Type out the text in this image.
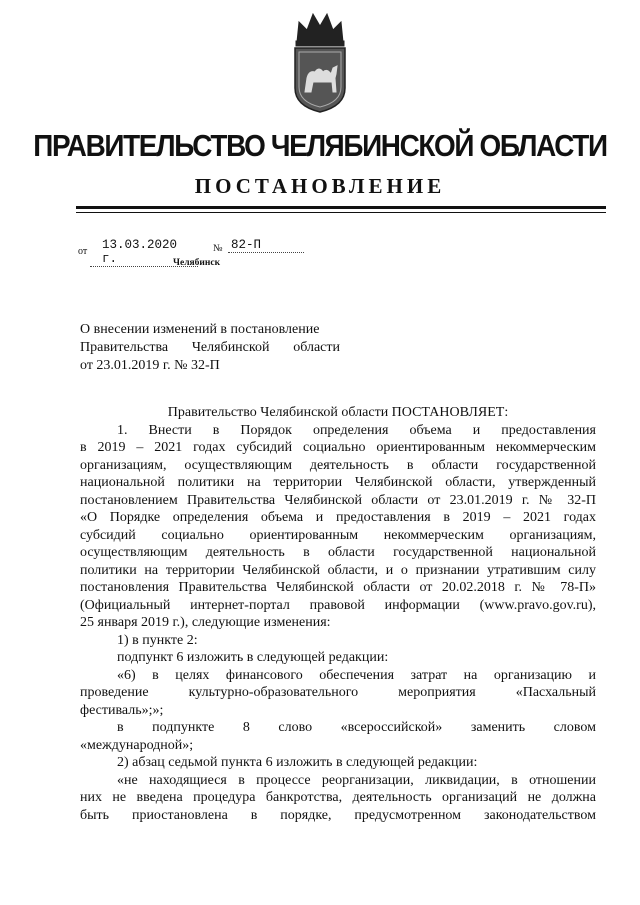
ПРАВИТЕЛЬСТВО ЧЕЛЯБИНСКОЙ ОБЛАСТИ
ПОСТАНОВЛЕНИЕ
от	13.03.2020 г.
№ 82-П
Челябинск
О внесении изменений в постановление
Правительства Челябинской области
от 23.01.2019 г. № 32-П
Правительство Челябинской области ПОСТАНОВЛЯЕТ:
1. Внести в Порядок определения объема и предоставления
в 2019 – 2021 годах субсидий социально ориентированным некоммерческим
организациям, осуществляющим деятельность в области государственной
национальной политики на территории Челябинской области, утвержденный
постановлением Правительства Челябинской области от 23.01.2019 г. № 32-П
«О Порядке определения объема и предоставления в 2019 – 2021 годах
субсидий социально ориентированным некоммерческим организациям,
осуществляющим деятельность в области государственной национальной
политики на территории Челябинской области, и о признании утратившим силу
постановления Правительства Челябинской области от 20.02.2018 г. № 78-П»
(Официальный интернет-портал правовой информации (www.pravo.gov.ru),
25 января 2019 г.), следующие изменения:
1) в пункте 2:
подпункт 6 изложить в следующей редакции:
«6) в целях финансового обеспечения затрат на организацию и
проведение культурно-образовательного мероприятия «Пасхальный
фестиваль»;»;
в подпункте 8 слово «всероссийской» заменить словом
«международной»;
2) абзац седьмой пункта 6 изложить в следующей редакции:
«не находящиеся в процессе реорганизации, ликвидации, в отношении
них не введена процедура банкротства, деятельность организаций не должна
быть приостановлена в порядке, предусмотренном законодательством
